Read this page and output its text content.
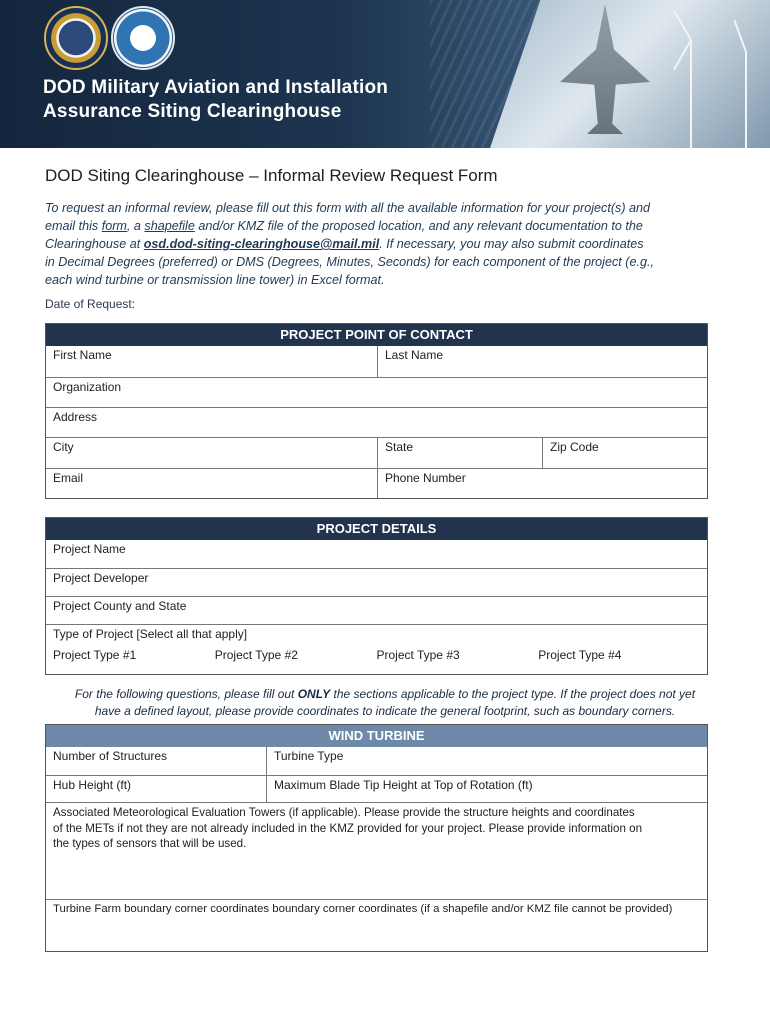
DOD Military Aviation and Installation
Assurance Siting Clearinghouse
DOD Siting Clearinghouse – Informal Review Request Form
To request an informal review, please fill out this form with all the available information for your project(s) and
email this form, a shapefile and/or KMZ file of the proposed location, and any relevant documentation to the
Clearinghouse at osd.dod-siting-clearinghouse@mail.mil. If necessary, you may also submit coordinates
in Decimal Degrees (preferred) or DMS (Degrees, Minutes, Seconds) for each component of the project (e.g.,
each wind turbine or transmission line tower) in Excel format.
Date of Request:
PROJECT POINT OF CONTACT
First Name	Last Name
Organization
Address
City	State	Zip Code
Email	Phone Number
PROJECT DETAILS
Project Name
Project Developer
Project County and State
Type of Project [Select all that apply]
Project Type #1	Project Type #2	Project Type #3	Project Type #4
For the following questions, please fill out ONLY the sections applicable to the project type. If the project does not yet
have a defined layout, please provide coordinates to indicate the general footprint, such as boundary corners.
WIND TURBINE
Number of Structures	Turbine Type
Hub Height (ft)	Maximum Blade Tip Height at Top of Rotation (ft)
Associated Meteorological Evaluation Towers (if applicable). Please provide the structure heights and coordinates
of the METs if not they are not already included in the KMZ provided for your project. Please provide information on
the types of sensors that will be used.
Turbine Farm boundary corner coordinates boundary corner coordinates (if a shapefile and/or KMZ file cannot be provided)
